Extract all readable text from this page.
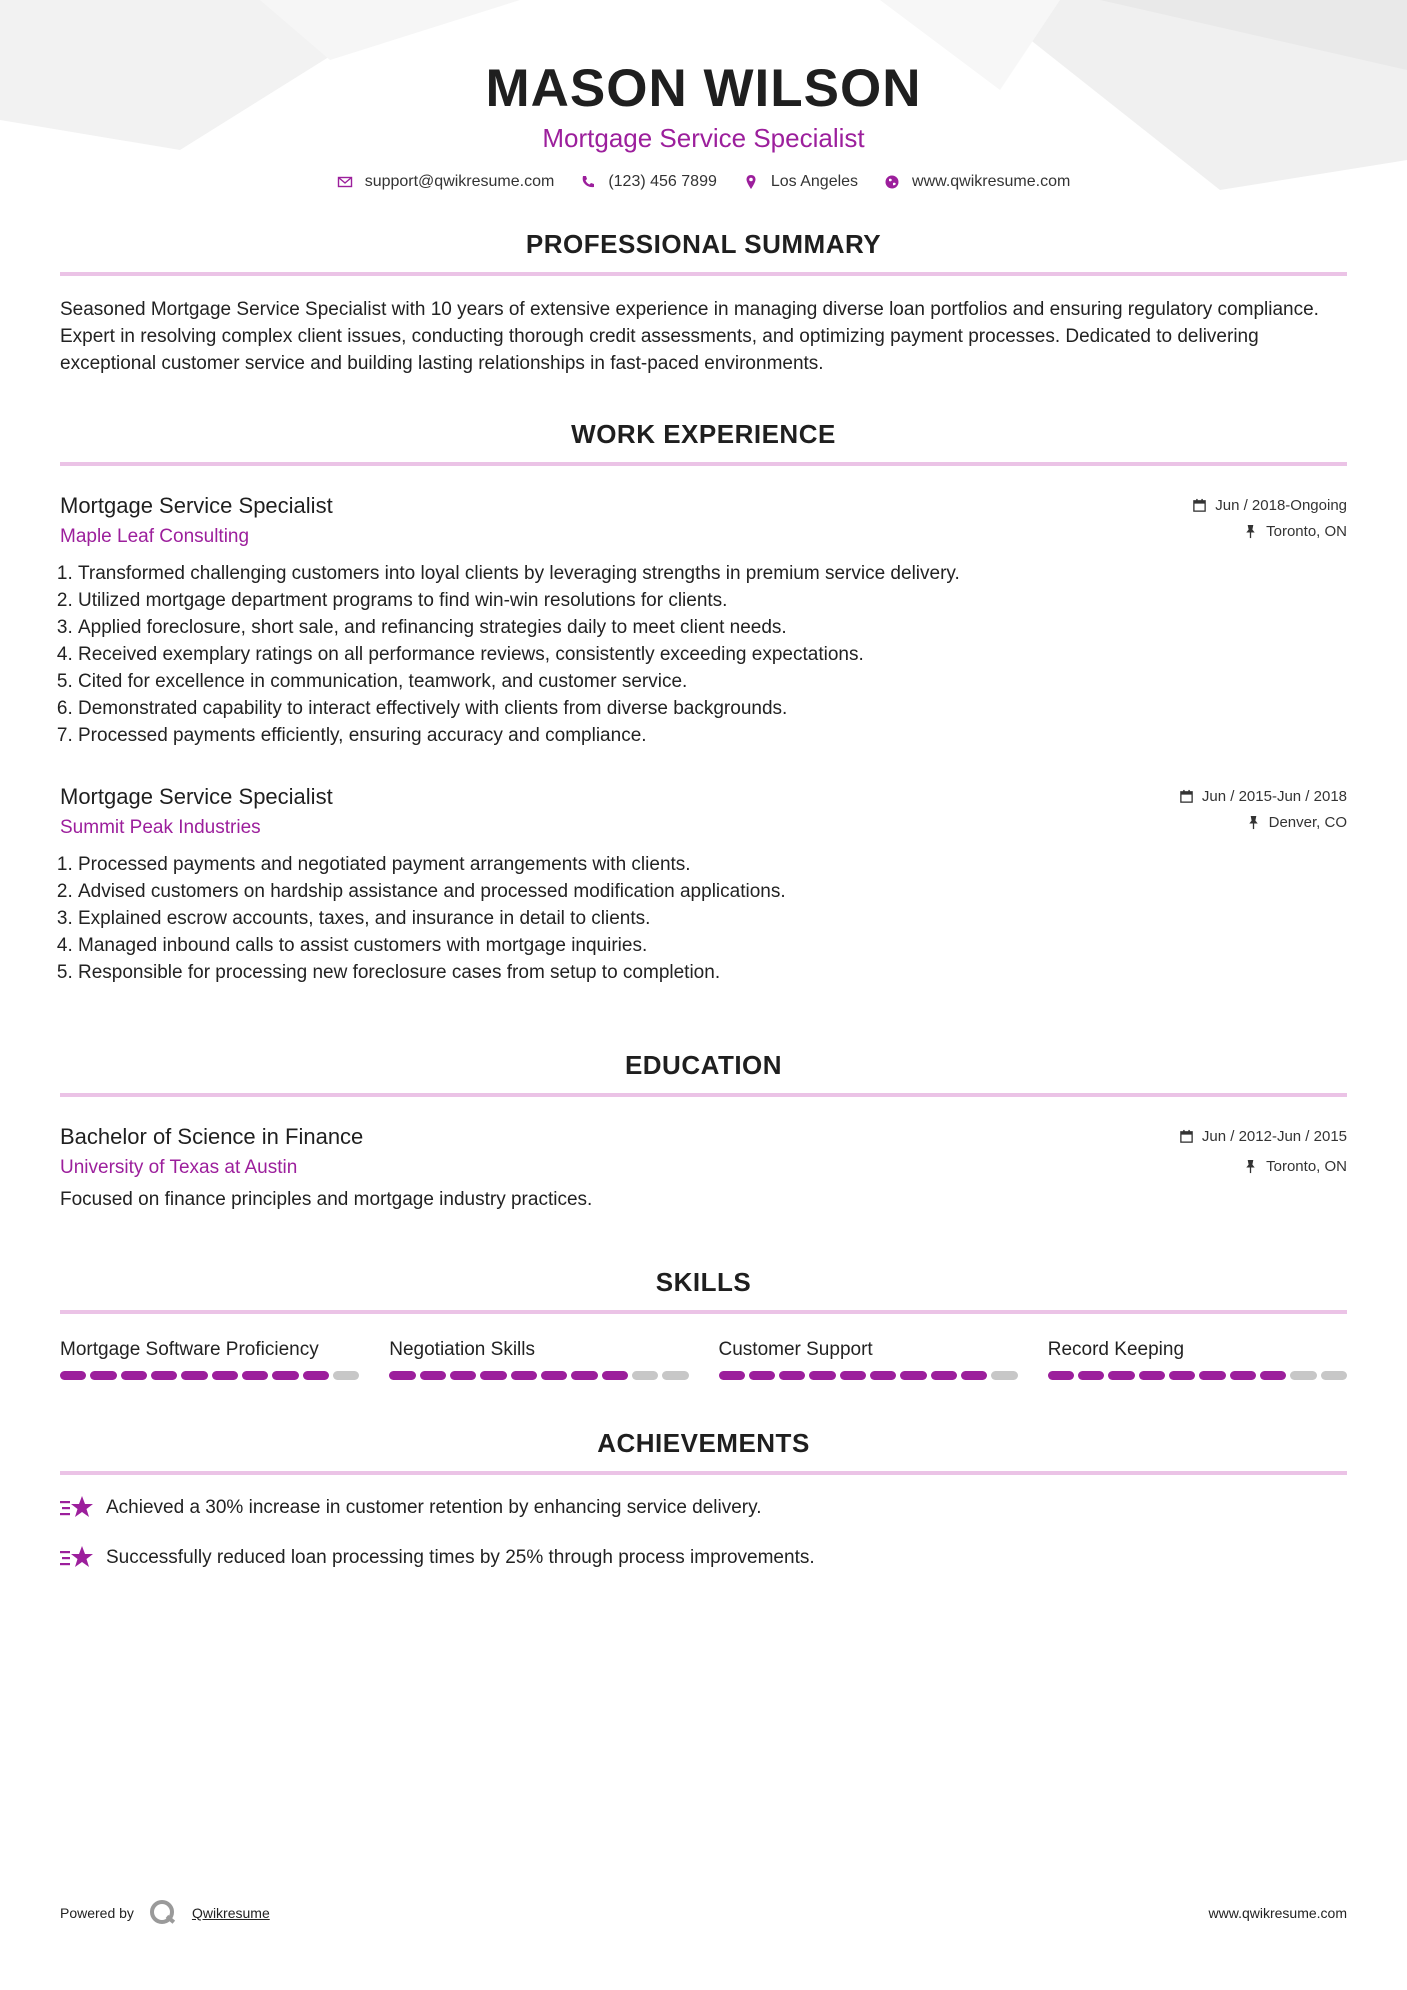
MASON WILSON
Mortgage Service Specialist
support@qwikresume.com	(123) 456 7899	Los Angeles	www.qwikresume.com
PROFESSIONAL SUMMARY
Seasoned Mortgage Service Specialist with 10 years of extensive experience in managing diverse loan portfolios and ensuring regulatory compliance. Expert in resolving complex client issues, conducting thorough credit assessments, and optimizing payment processes. Dedicated to delivering exceptional customer service and building lasting relationships in fast-paced environments.
WORK EXPERIENCE
Mortgage Service Specialist
Maple Leaf Consulting
Jun / 2018-Ongoing
Toronto, ON
1. Transformed challenging customers into loyal clients by leveraging strengths in premium service delivery.
2. Utilized mortgage department programs to find win-win resolutions for clients.
3. Applied foreclosure, short sale, and refinancing strategies daily to meet client needs.
4. Received exemplary ratings on all performance reviews, consistently exceeding expectations.
5. Cited for excellence in communication, teamwork, and customer service.
6. Demonstrated capability to interact effectively with clients from diverse backgrounds.
7. Processed payments efficiently, ensuring accuracy and compliance.
Mortgage Service Specialist
Summit Peak Industries
Jun / 2015-Jun / 2018
Denver, CO
1. Processed payments and negotiated payment arrangements with clients.
2. Advised customers on hardship assistance and processed modification applications.
3. Explained escrow accounts, taxes, and insurance in detail to clients.
4. Managed inbound calls to assist customers with mortgage inquiries.
5. Responsible for processing new foreclosure cases from setup to completion.
EDUCATION
Bachelor of Science in Finance
University of Texas at Austin
Jun / 2012-Jun / 2015
Toronto, ON
Focused on finance principles and mortgage industry practices.
SKILLS
Mortgage Software Proficiency	Negotiation Skills	Customer Support	Record Keeping
ACHIEVEMENTS
Achieved a 30% increase in customer retention by enhancing service delivery.
Successfully reduced loan processing times by 25% through process improvements.
Powered by	Qwikresume	www.qwikresume.com
